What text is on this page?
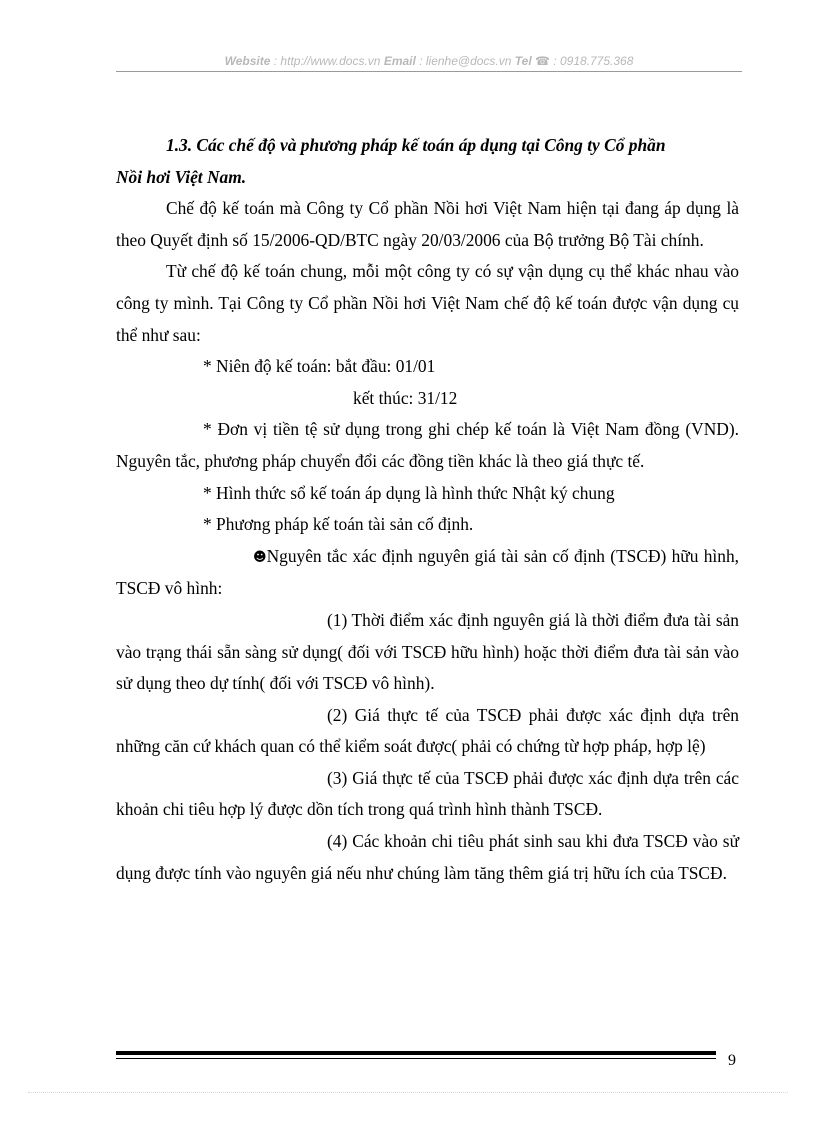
Website : http://www.docs.vn Email : lienhe@docs.vn Tel ☎ : 0918.775.368

1.3. Các chế độ và phương pháp kế toán áp dụng tại Công ty Cổ phần
Nồi hơi Việt Nam.

Chế độ kế toán mà Công ty Cổ phần Nồi hơi Việt Nam hiện tại đang áp dụng là theo Quyết định số 15/2006-QD/BTC ngày 20/03/2006 của Bộ trưởng Bộ Tài chính.

Từ chế độ kế toán chung, mỗi một công ty có sự vận dụng cụ thể khác nhau vào công ty mình. Tại Công ty Cổ phần Nồi hơi Việt Nam chế độ kế toán được vận dụng cụ thể như sau:

* Niên độ kế toán: bắt đầu: 01/01

kết thúc: 31/12

* Đơn vị tiền tệ sử dụng trong ghi chép kế toán là Việt Nam đồng (VND). Nguyên tắc, phương pháp chuyển đổi các đồng tiền khác là theo giá thực tế.

* Hình thức sổ kế toán áp dụng là hình thức Nhật ký chung

* Phương pháp kế toán tài sản cố định.

☻Nguyên tắc xác định nguyên giá tài sản cố định (TSCĐ) hữu hình, TSCĐ vô hình:

(1) Thời điểm xác định nguyên giá là thời điểm đưa tài sản vào trạng thái sẵn sàng sử dụng( đối với TSCĐ hữu hình) hoặc thời điểm đưa tài sản vào sử dụng theo dự tính( đối với TSCĐ vô hình).

(2) Giá thực tế của TSCĐ phải được xác định dựa trên những căn cứ khách quan có thể kiểm soát được( phải có chứng từ hợp pháp, hợp lệ)

(3) Giá thực tế của TSCĐ phải được xác định dựa trên các khoản chi tiêu hợp lý được dồn tích trong quá trình hình thành TSCĐ.

(4) Các khoản chi tiêu phát sinh sau khi đưa TSCĐ vào sử dụng được tính vào nguyên giá nếu như chúng làm tăng thêm giá trị hữu ích của TSCĐ.

9
